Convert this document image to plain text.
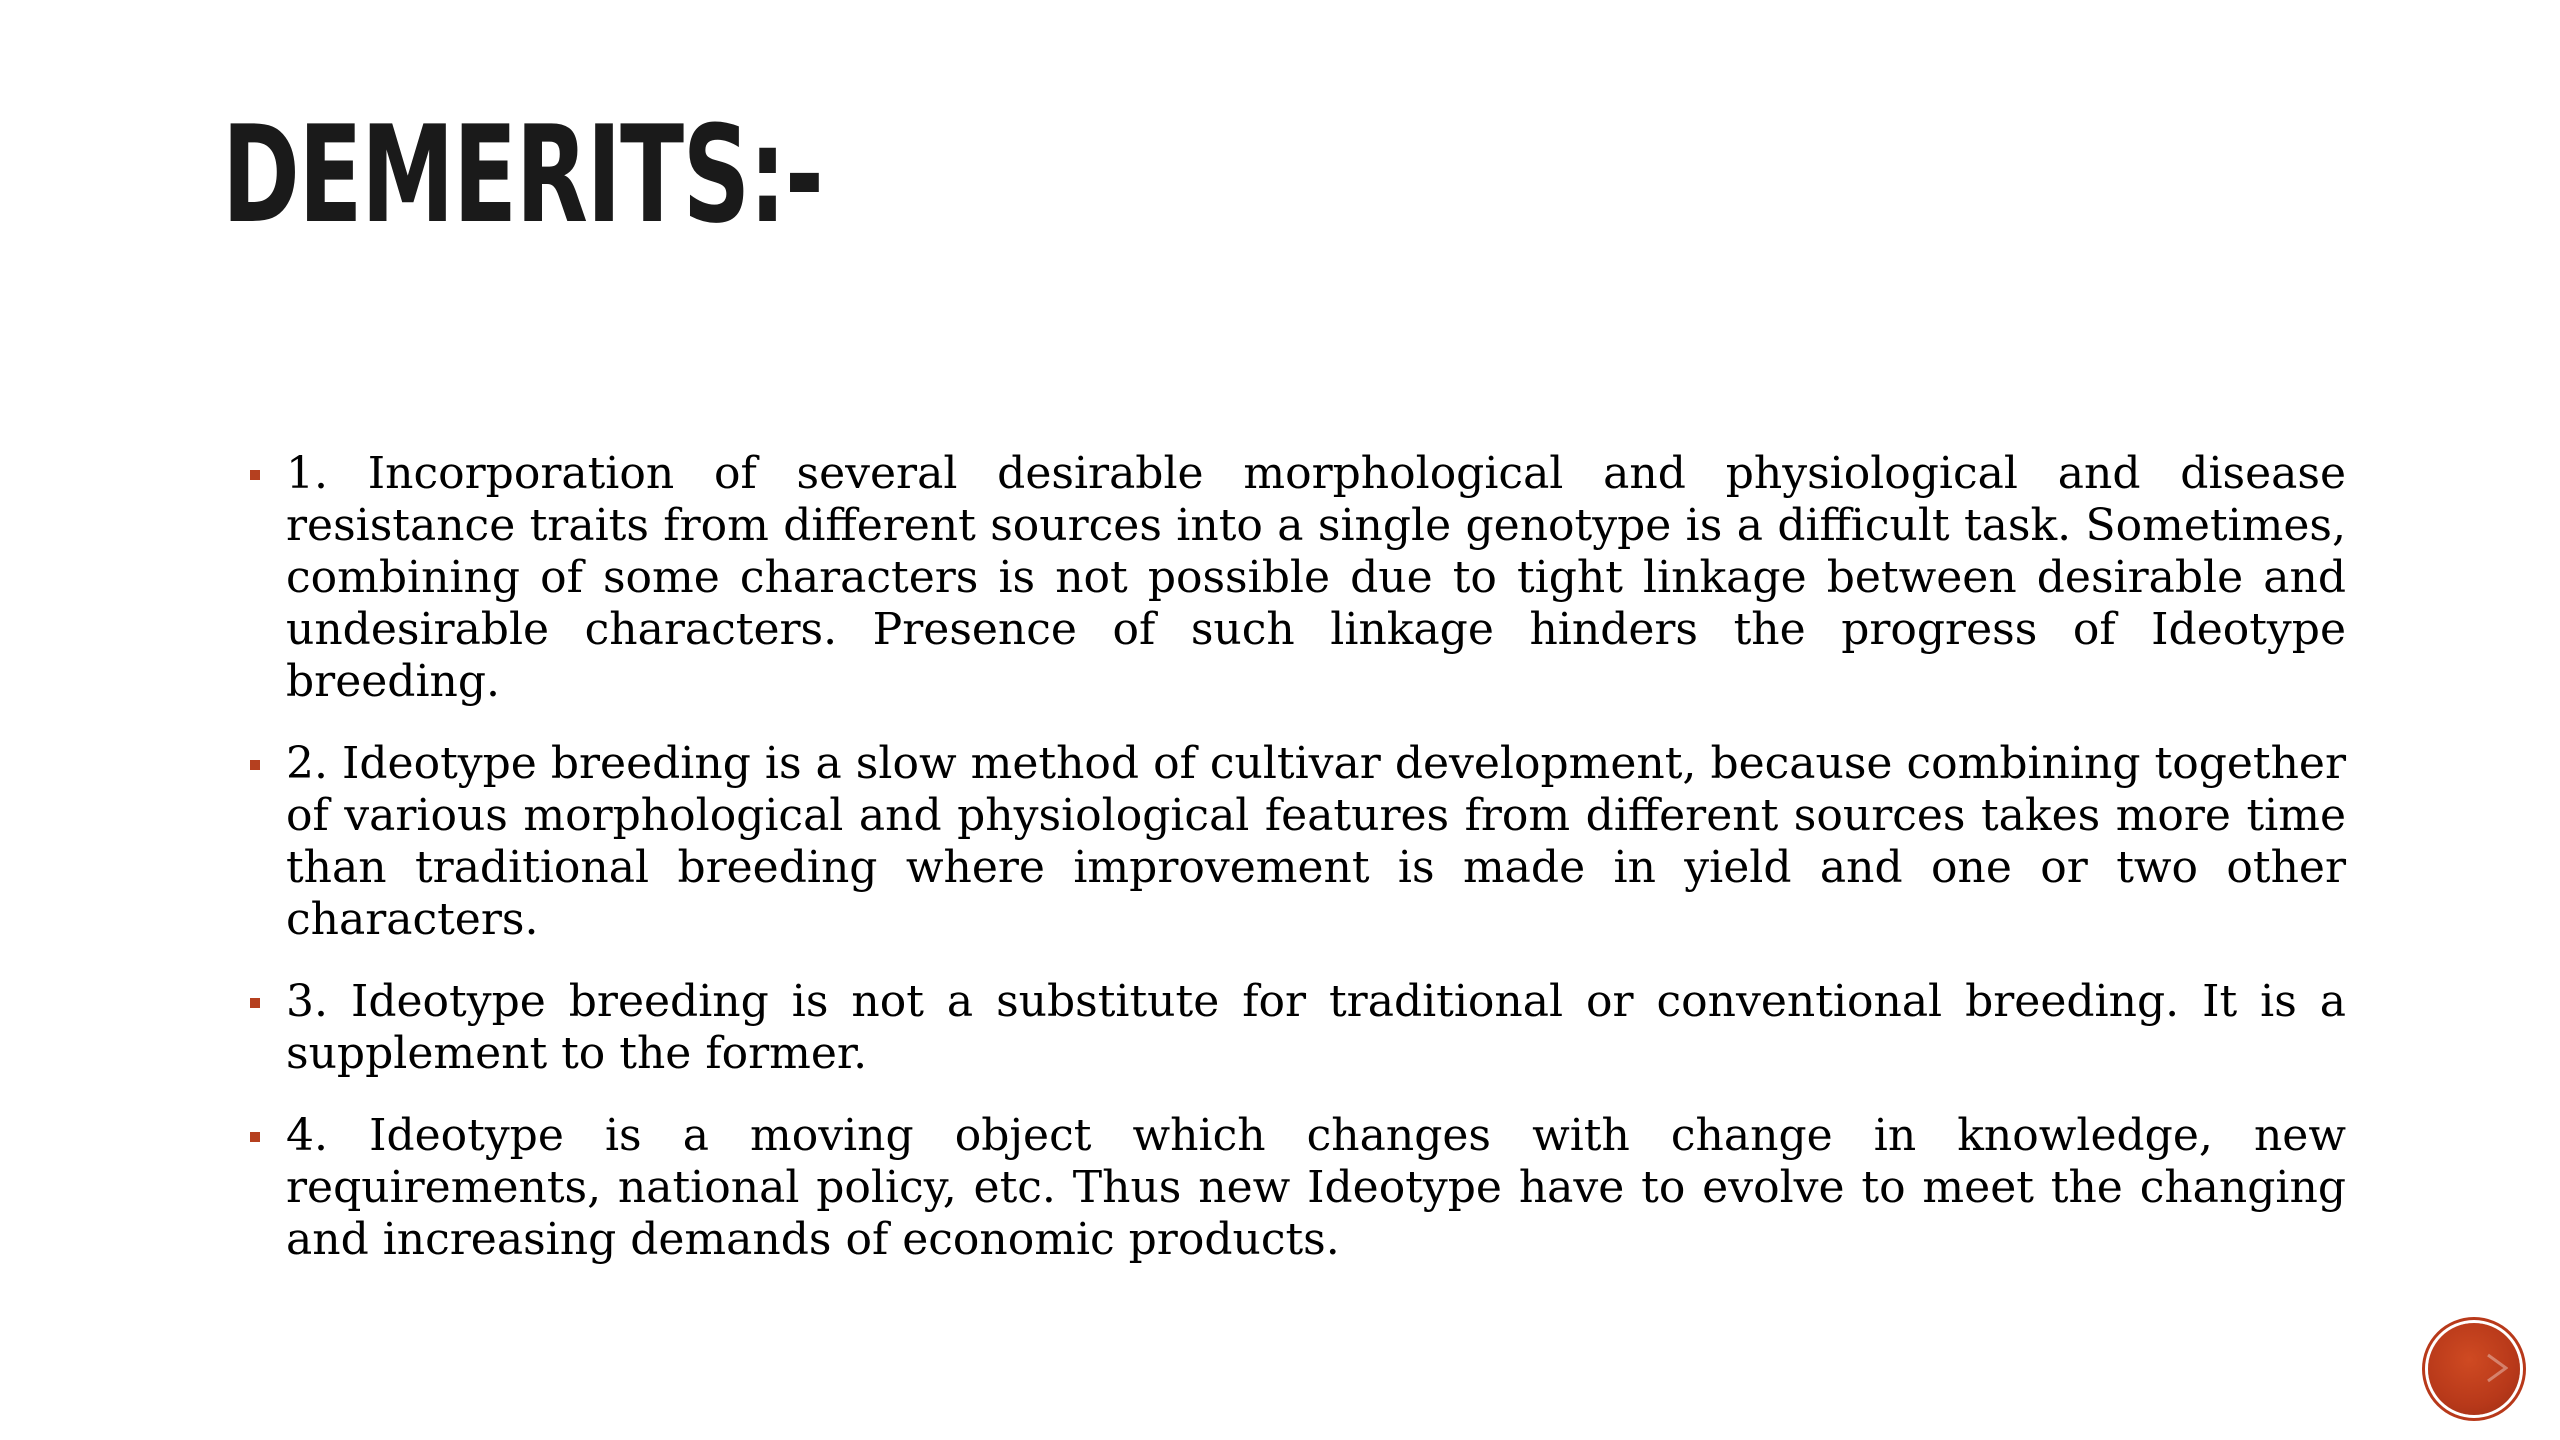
DEMERITS:-
1. Incorporation of several desirable morphological and physiological and disease resistance traits from different sources into a single genotype is a difficult task. Sometimes, combining of some characters is not possible due to tight linkage between desirable and undesirable characters. Presence of such linkage hinders the progress of Ideotype breeding.
2. Ideotype breeding is a slow method of cultivar development, because combining together of various morphological and physiological features from different sources takes more time than traditional breeding where improvement is made in yield and one or two other characters.
3. Ideotype breeding is not a substitute for traditional or conventional breeding. It is a supplement to the former.
4. Ideotype is a moving object which changes with change in knowledge, new requirements, national policy, etc. Thus new Ideotype have to evolve to meet the changing and increasing demands of economic products.
